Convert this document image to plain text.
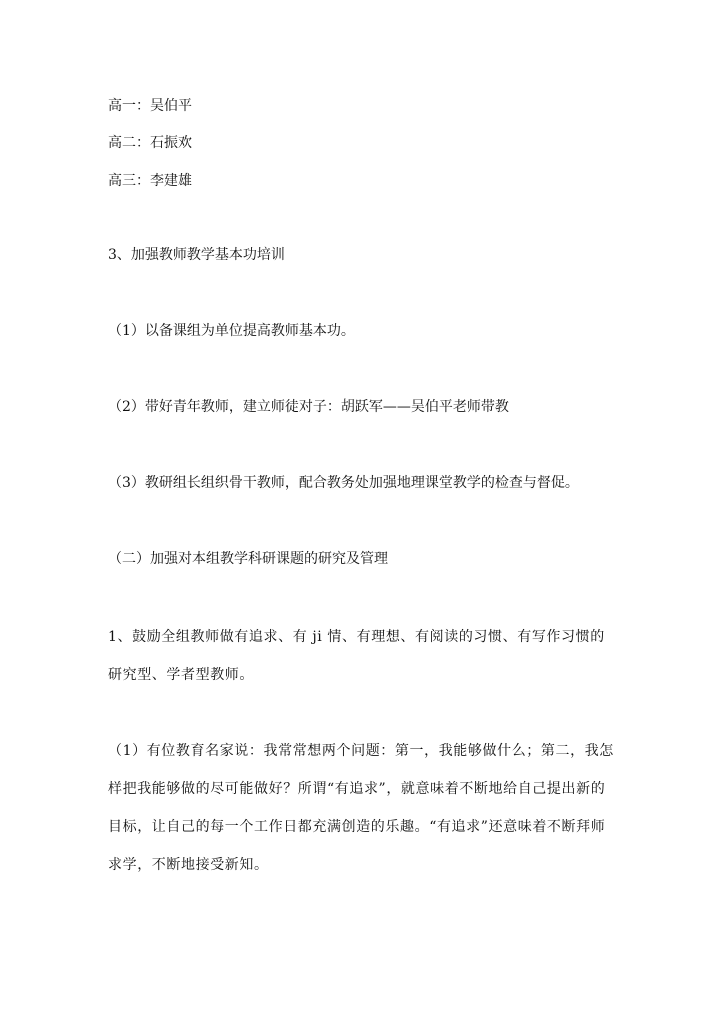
高一：吴伯平
高二：石振欢
高三：李建雄
3、加强教师教学基本功培训
（1）以备课组为单位提高教师基本功。
（2）带好青年教师，建立师徒对子：胡跃军——吴伯平老师带教
（3）教研组长组织骨干教师，配合教务处加强地理课堂教学的检查与督促。
（二）加强对本组教学科研课题的研究及管理
1、鼓励全组教师做有追求、有 ji 情、有理想、有阅读的习惯、有写作习惯的研究型、学者型教师。
（1）有位教育名家说：我常常想两个问题：第一，我能够做什么；第二，我怎样把我能够做的尽可能做好？所谓“有追求”，就意味着不断地给自己提出新的目标，让自己的每一个工作日都充满创造的乐趣。“有追求”还意味着不断拜师求学，不断地接受新知。
